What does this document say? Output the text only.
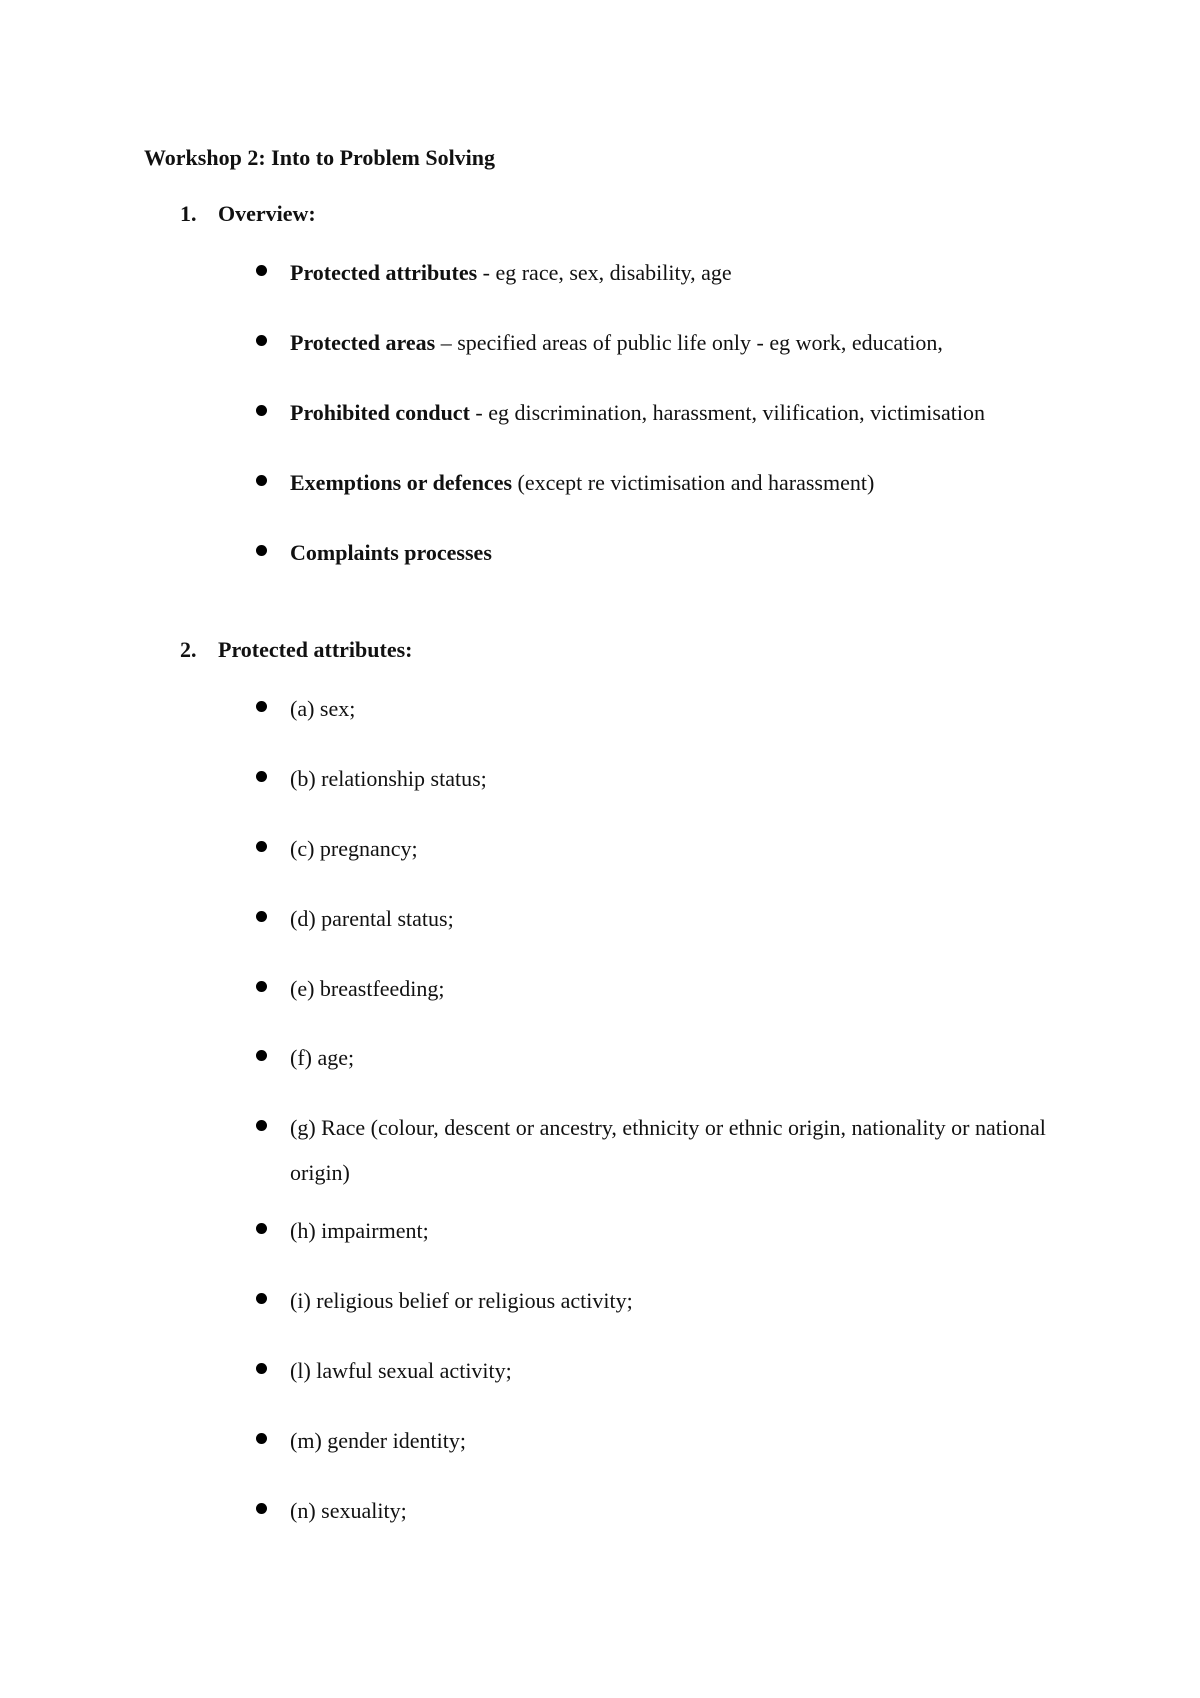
Workshop 2: Into to Problem Solving
1. Overview:
Protected attributes - eg race, sex, disability, age
Protected areas – specified areas of public life only - eg work, education,
Prohibited conduct - eg discrimination, harassment, vilification, victimisation
Exemptions or defences (except re victimisation and harassment)
Complaints processes
2. Protected attributes:
(a) sex;
(b) relationship status;
(c) pregnancy;
(d) parental status;
(e) breastfeeding;
(f) age;
(g) Race (colour, descent or ancestry, ethnicity or ethnic origin, nationality or national origin)
(h) impairment;
(i) religious belief or religious activity;
(l) lawful sexual activity;
(m) gender identity;
(n) sexuality;
